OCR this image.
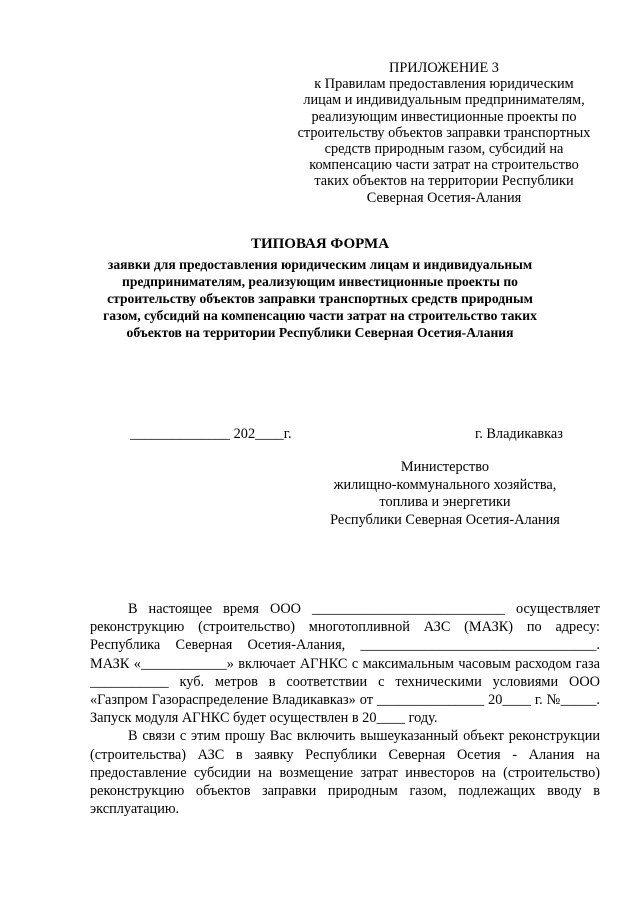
ПРИЛОЖЕНИЕ 3
к Правилам предоставления юридическим
лицам и индивидуальным предпринимателям,
реализующим инвестиционные проекты по
строительству объектов заправки транспортных
средств природным газом, субсидий на
компенсацию части затрат на строительство
таких объектов на территории Республики
Северная Осетия-Алания
ТИПОВАЯ ФОРМА
заявки для предоставления юридическим лицам и индивидуальным
предпринимателям, реализующим инвестиционные проекты по
строительству объектов заправки транспортных средств природным
газом, субсидий на компенсацию части затрат на строительство таких
объектов на территории Республики Северная Осетия-Алания
______________ 202____г.	г. Владикавказ
Министерство
жилищно-коммунального хозяйства,
топлива и энергетики
Республики Северная Осетия-Алания

В настоящее время ООО ___________________________ осуществляет реконструкцию (строительство) многотопливной АЗС (МАЗК) по адресу: Республика Северная Осетия-Алания, _________________________________. МАЗК «____________» включает АГНКС с максимальным часовым расходом газа ___________ куб. метров в соответствии с техническими условиями ООО «Газпром Газораспределение Владикавказ» от _______________ 20____ г. №_____. Запуск модуля АГНКС будет осуществлен в 20____ году.

В связи с этим прошу Вас включить вышеуказанный объект реконструкции (строительства) АЗС в заявку Республики Северная Осетия - Алания на предоставление субсидии на возмещение затрат инвесторов на (строительство) реконструкцию объектов заправки природным газом, подлежащих вводу в эксплуатацию.
